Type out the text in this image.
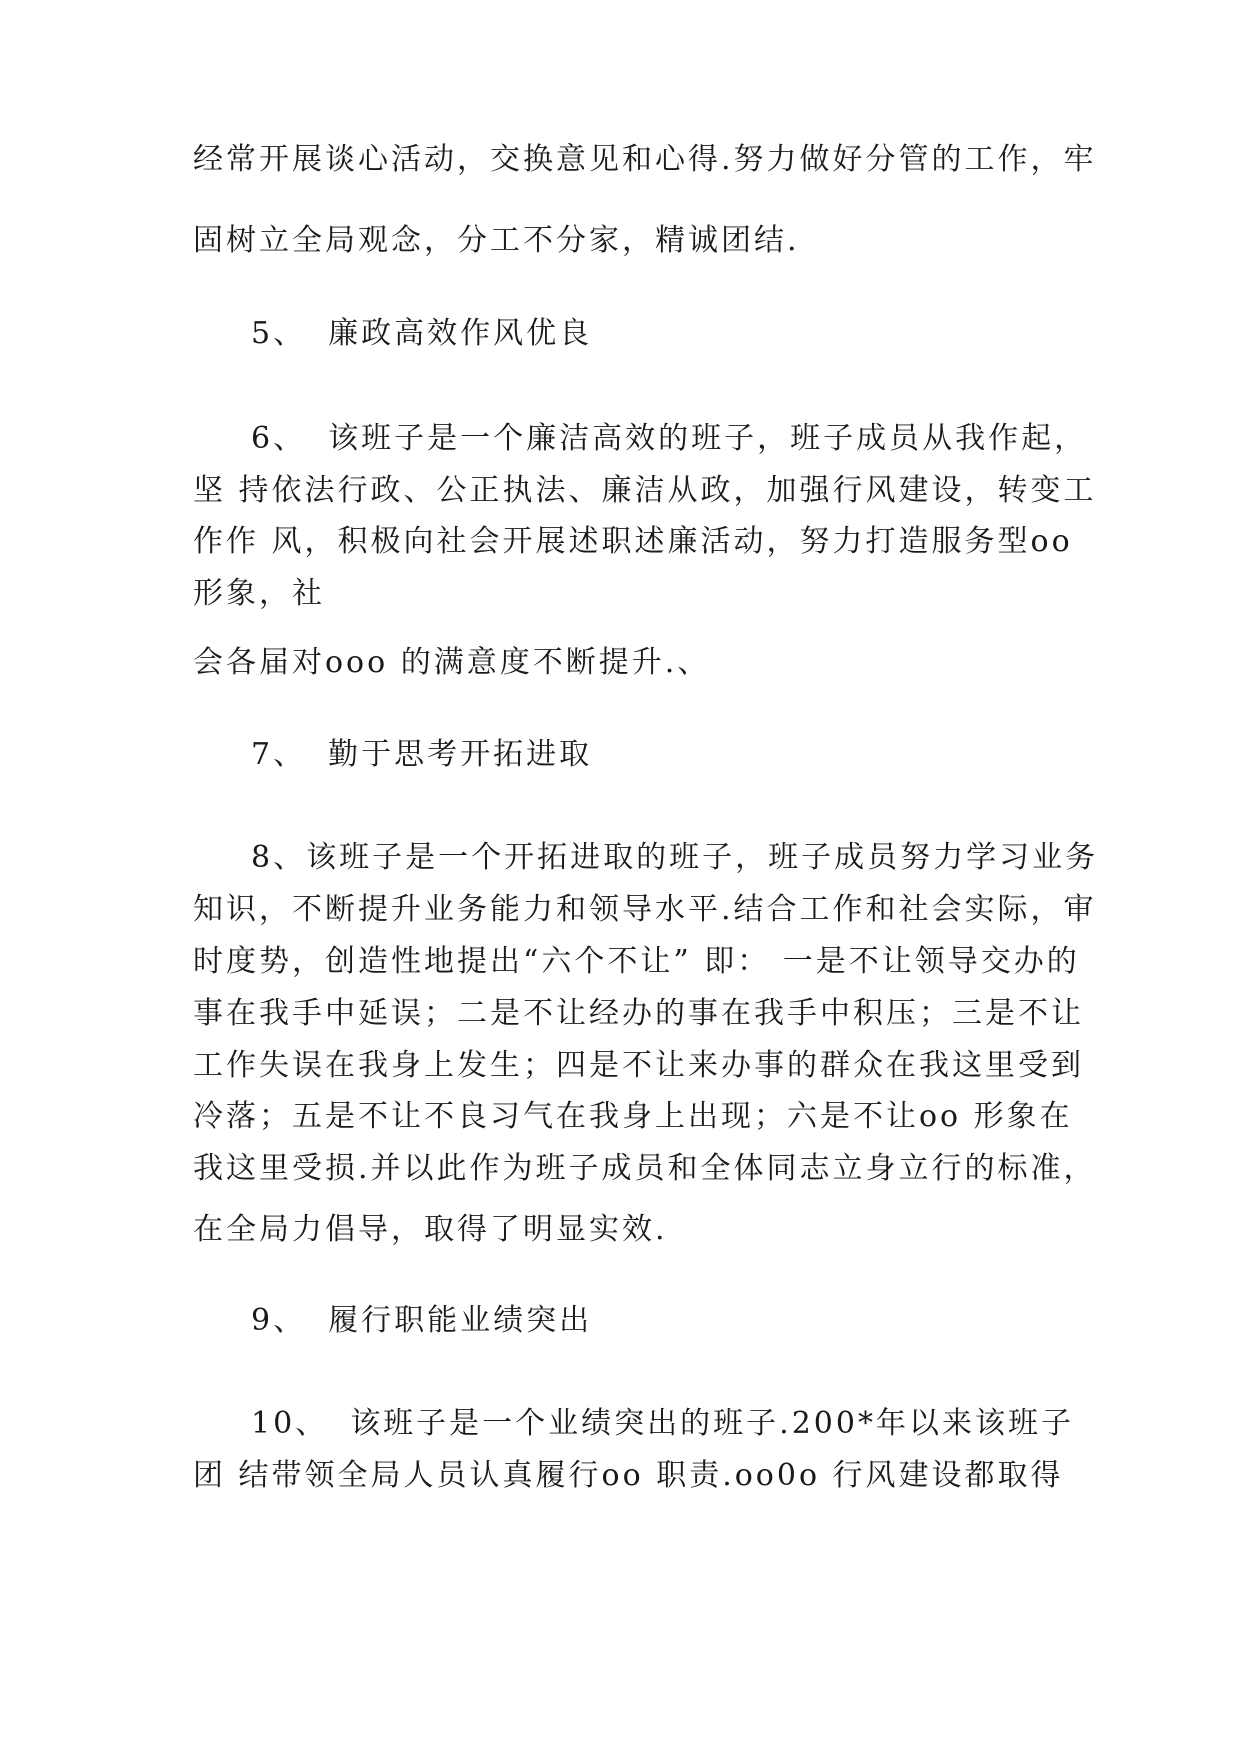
经常开展谈心活动，交换意见和心得.努力做好分管的工作，牢
固树立全局观念，分工不分家，精诚团结.
5、 廉政高效作风优良
6、 该班子是一个廉洁高效的班子，班子成员从我作起，
坚 持依法行政、公正执法、廉洁从政，加强行风建设，转变工
作作 风，积极向社会开展述职述廉活动，努力打造服务型oo
形象，社
会各届对ooo 的满意度不断提升.、
7、 勤于思考开拓进取
8、该班子是一个开拓进取的班子，班子成员努力学习业务
知识，不断提升业务能力和领导水平.结合工作和社会实际，审
时度势，创造性地提出“六个不让” 即： 一是不让领导交办的
事在我手中延误；二是不让经办的事在我手中积压；三是不让
工作失误在我身上发生；四是不让来办事的群众在我这里受到
冷落；五是不让不良习气在我身上出现；六是不让oo 形象在
我这里受损.并以此作为班子成员和全体同志立身立行的标准，
在全局力倡导，取得了明显实效.
9、 履行职能业绩突出
10、 该班子是一个业绩突出的班子.200*年以来该班子
团 结带领全局人员认真履行oo 职责.oo0o 行风建设都取得
